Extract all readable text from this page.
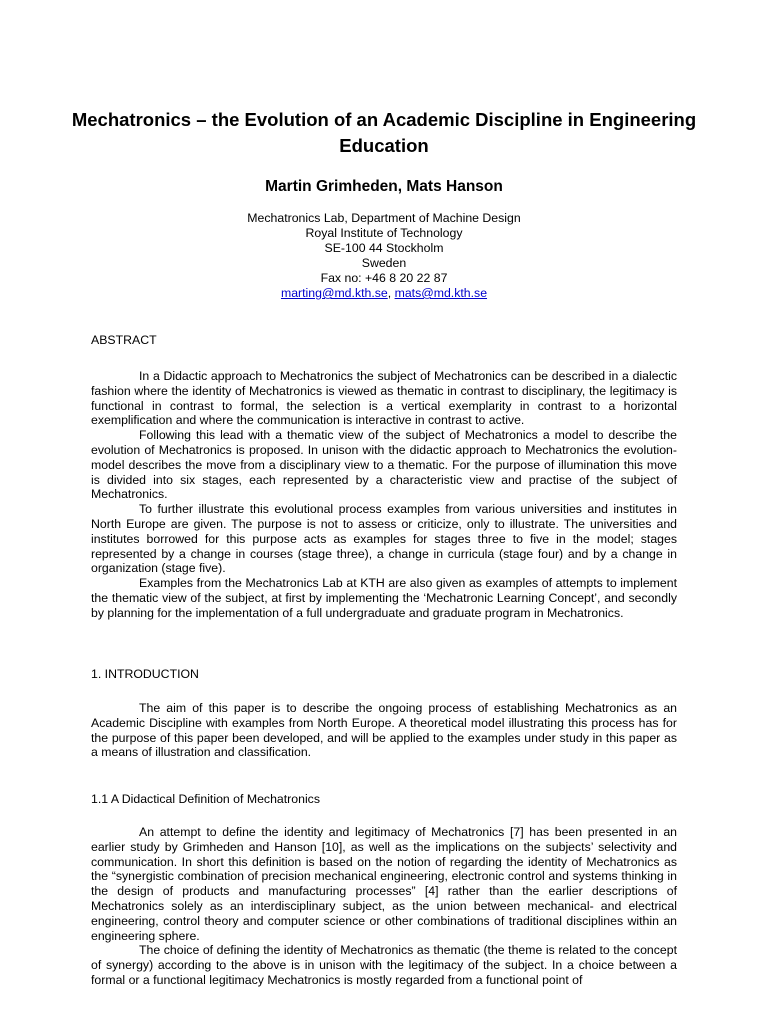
Mechatronics – the Evolution of an Academic Discipline in Engineering Education
Martin Grimheden, Mats Hanson
Mechatronics Lab, Department of Machine Design
Royal Institute of Technology
SE-100 44 Stockholm
Sweden
Fax no: +46 8 20 22 87
marting@md.kth.se, mats@md.kth.se
ABSTRACT

In a Didactic approach to Mechatronics the subject of Mechatronics can be described in a dialectic fashion where the identity of Mechatronics is viewed as thematic in contrast to disciplinary, the legitimacy is functional in contrast to formal, the selection is a vertical exemplarity in contrast to a horizontal exemplification and where the communication is interactive in contrast to active.

Following this lead with a thematic view of the subject of Mechatronics a model to describe the evolution of Mechatronics is proposed. In unison with the didactic approach to Mechatronics the evolution-model describes the move from a disciplinary view to a thematic. For the purpose of illumination this move is divided into six stages, each represented by a characteristic view and practise of the subject of Mechatronics.

To further illustrate this evolutional process examples from various universities and institutes in North Europe are given. The purpose is not to assess or criticize, only to illustrate. The universities and institutes borrowed for this purpose acts as examples for stages three to five in the model; stages represented by a change in courses (stage three), a change in curricula (stage four) and by a change in organization (stage five).

Examples from the Mechatronics Lab at KTH are also given as examples of attempts to implement the thematic view of the subject, at first by implementing the ‘Mechatronic Learning Concept’, and secondly by planning for the implementation of a full undergraduate and graduate program in Mechatronics.

1. INTRODUCTION

The aim of this paper is to describe the ongoing process of establishing Mechatronics as an Academic Discipline with examples from North Europe. A theoretical model illustrating this process has for the purpose of this paper been developed, and will be applied to the examples under study in this paper as a means of illustration and classification.

1.1 A Didactical Definition of Mechatronics

An attempt to define the identity and legitimacy of Mechatronics [7] has been presented in an earlier study by Grimheden and Hanson [10], as well as the implications on the subjects’ selectivity and communication. In short this definition is based on the notion of regarding the identity of Mechatronics as the “synergistic combination of precision mechanical engineering, electronic control and systems thinking in the design of products and manufacturing processes” [4] rather than the earlier descriptions of Mechatronics solely as an interdisciplinary subject, as the union between mechanical- and electrical engineering, control theory and computer science or other combinations of traditional disciplines within an engineering sphere.

The choice of defining the identity of Mechatronics as thematic (the theme is related to the concept of synergy) according to the above is in unison with the legitimacy of the subject. In a choice between a formal or a functional legitimacy Mechatronics is mostly regarded from a functional point of
